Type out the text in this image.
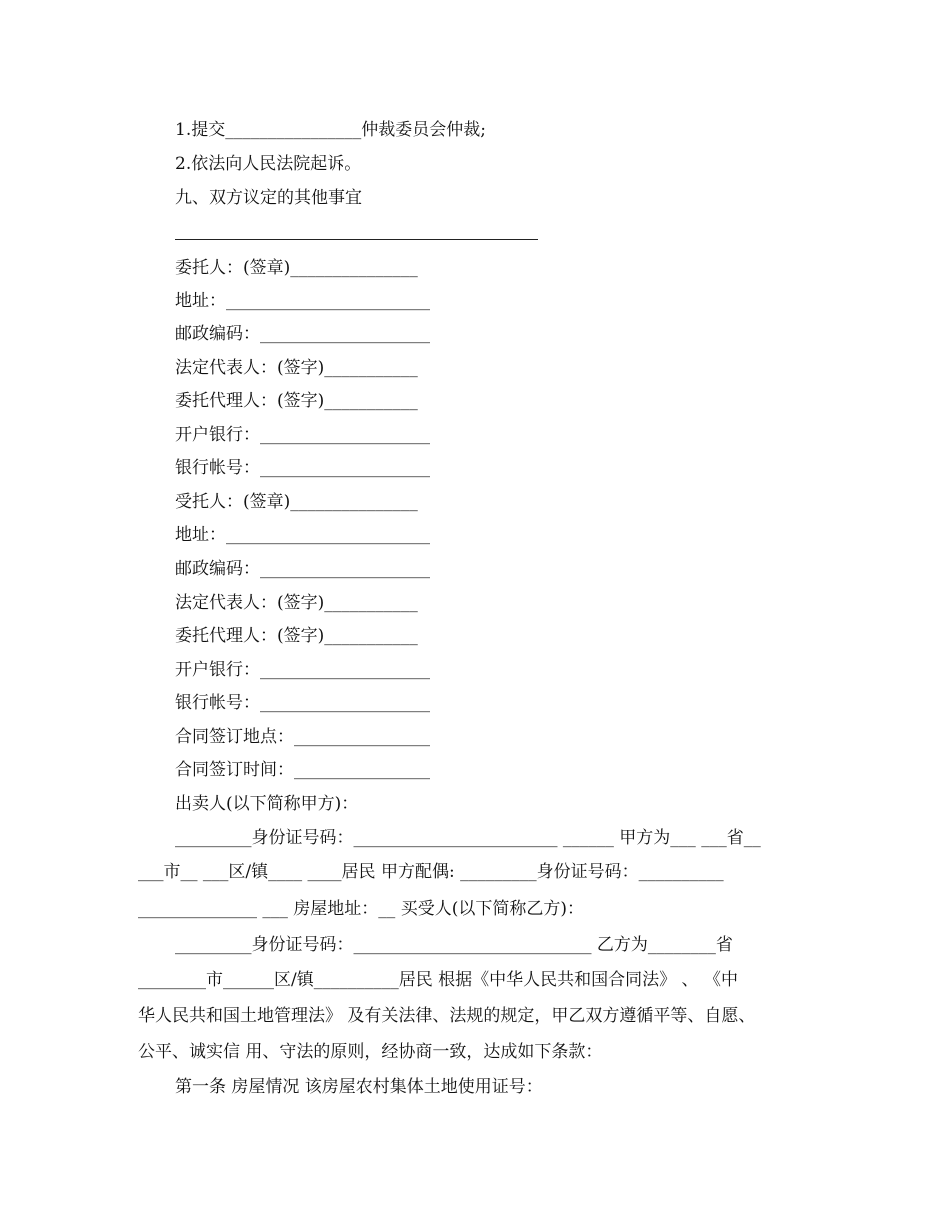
1.提交________________仲裁委员会仲裁;
2.依法向人民法院起诉。
九、双方议定的其他事宜
委托人：(签章)_______________
地址：________________________
邮政编码：____________________
法定代表人：(签字)___________
委托代理人：(签字)___________
开户银行：____________________
银行帐号：____________________
受托人：(签章)_______________
地址：________________________
邮政编码：____________________
法定代表人：(签字)___________
委托代理人：(签字)___________
开户银行：____________________
银行帐号：____________________
合同签订地点：________________
合同签订时间：________________
出卖人(以下简称甲方)：
_________身份证号码：________________________ ______ 甲方为___ ___省__
___市__ ___区/镇____ ____居民 甲方配偶: _________身份证号码：__________
______________ ___ 房屋地址：__ 买受人(以下简称乙方)：
_________身份证号码：____________________________ 乙方为________省
________市______区/镇__________居民 根据《中华人民共和国合同法》 、 《中
华人民共和国土地管理法》 及有关法律、法规的规定，甲乙双方遵循平等、自愿、
公平、诚实信 用、守法的原则，经协商一致，达成如下条款：
第一条 房屋情况 该房屋农村集体土地使用证号：
